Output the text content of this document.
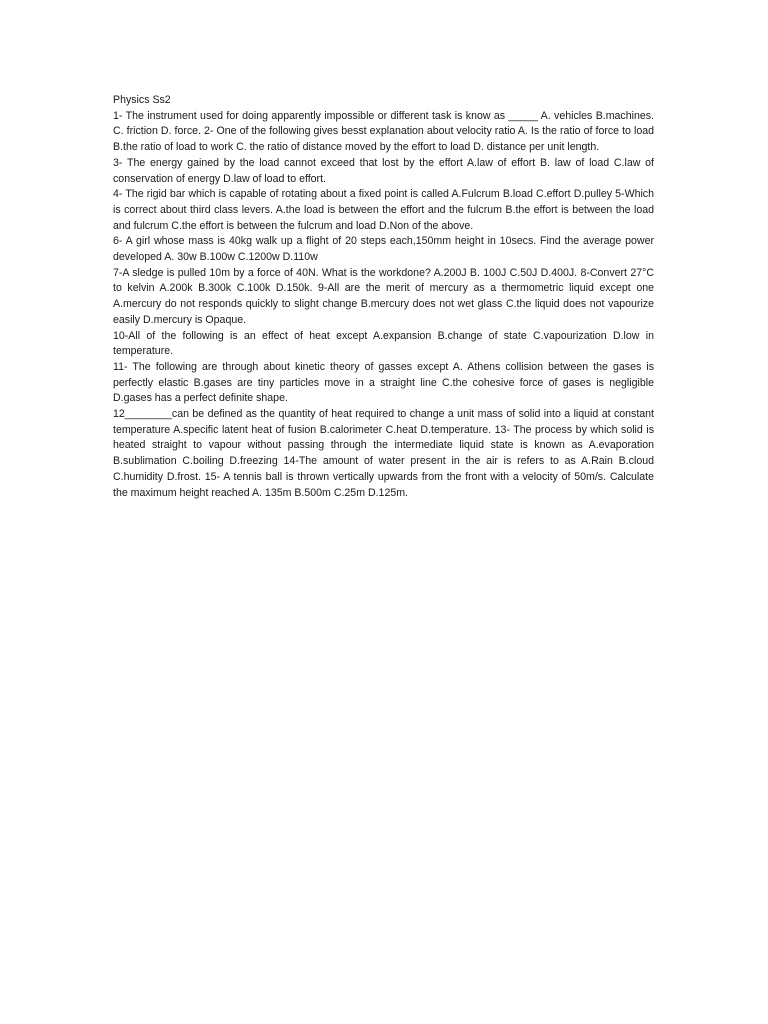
Physics Ss2

1- The instrument used for doing apparently impossible or different task is know as _____ A. vehicles B.machines. C. friction D. force. 2- One of the following gives besst explanation about velocity ratio A. Is the ratio of force to load B.the ratio of load to work C. the ratio of distance moved by the effort to load D. distance per unit length.

3- The energy gained by the load cannot exceed that lost by the effort A.law of effort B. law of load C.law of conservation of energy D.law of load to effort.

4- The rigid bar which is capable of rotating about a fixed point is called A.Fulcrum B.load C.effort D.pulley 5-Which is correct about third class levers. A.the load is between the effort and the fulcrum B.the effort is between the load and fulcrum C.the effort is between the fulcrum and load D.Non of the above.

6- A girl whose mass is 40kg walk up a flight of 20 steps each,150mm height in 10secs. Find the average power developed A. 30w B.100w C.1200w D.110w

7-A sledge is pulled 10m by a force of 40N. What is the workdone? A.200J B. 100J C.50J D.400J. 8-Convert 27°C to kelvin A.200k B.300k C.100k D.150k. 9-All are the merit of mercury as a thermometric liquid except one A.mercury do not responds quickly to slight change B.mercury does not wet glass C.the liquid does not vapourize easily D.mercury is Opaque.

10-All of the following is an effect of heat except A.expansion B.change of state C.vapourization D.low in temperature.

11- The following are through about kinetic theory of gasses except A. Athens collision between the gases is perfectly elastic B.gases are tiny particles move in a straight line C.the cohesive force of gases is negligible D.gases has a perfect definite shape.

12________can be defined as the quantity of heat required to change a unit mass of solid into a liquid at constant temperature A.specific latent heat of fusion B.calorimeter C.heat D.temperature. 13- The process by which solid is heated straight to vapour without passing through the intermediate liquid state is known as A.evaporation B.sublimation C.boiling D.freezing 14-The amount of water present in the air is refers to as A.Rain B.cloud C.humidity D.frost. 15- A tennis ball is thrown vertically upwards from the front with a velocity of 50m/s. Calculate the maximum height reached A. 135m B.500m C.25m D.125m.
